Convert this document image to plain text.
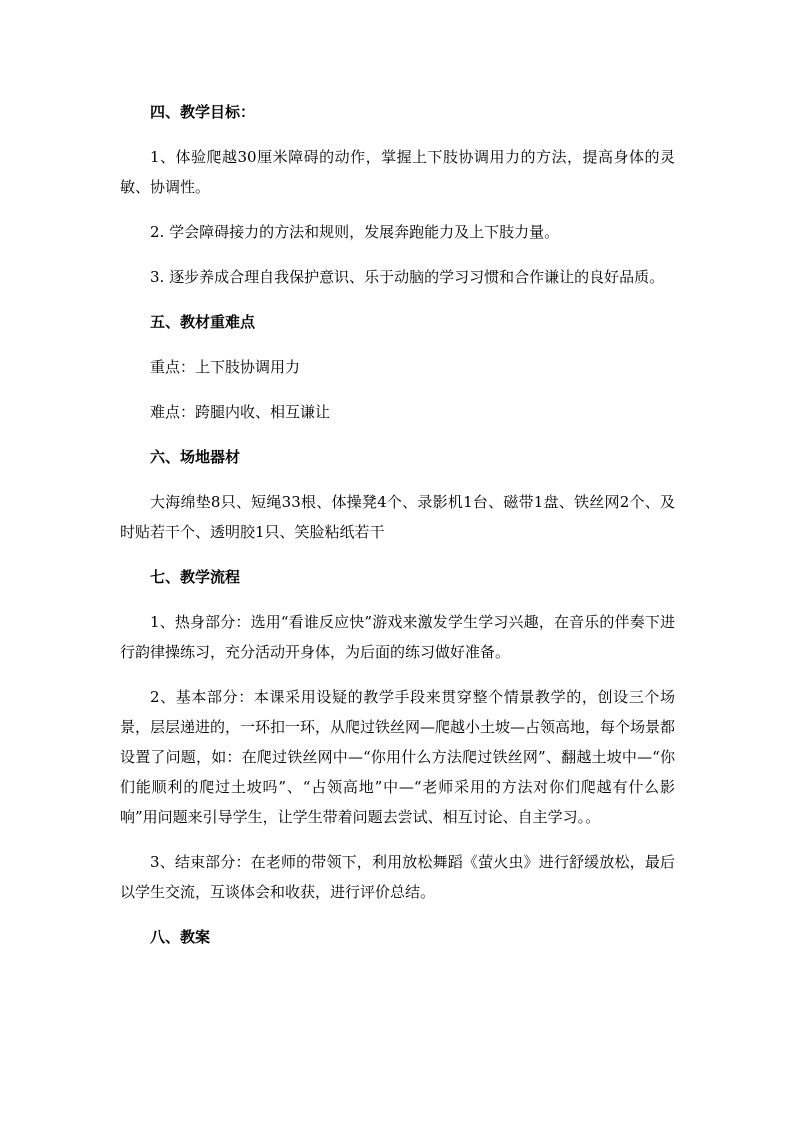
四、教学目标：

1、体验爬越30厘米障碍的动作，掌握上下肢协调用力的方法，提高身体的灵敏、协调性。

2. 学会障碍接力的方法和规则，发展奔跑能力及上下肢力量。

3. 逐步养成合理自我保护意识、乐于动脑的学习习惯和合作谦让的良好品质。

五、教材重难点

重点：上下肢协调用力

难点：跨腿内收、相互谦让

六、场地器材

大海绵垫8只、短绳33根、体操凳4个、录影机1台、磁带1盘、铁丝网2个、及时贴若干个、透明胶1只、笑脸粘纸若干

七、教学流程

1、热身部分：选用“看谁反应快”游戏来激发学生学习兴趣，在音乐的伴奏下进行韵律操练习，充分活动开身体，为后面的练习做好准备。

2、基本部分：本课采用设疑的教学手段来贯穿整个情景教学的，创设三个场景，层层递进的，一环扣一环，从爬过铁丝网—爬越小土坡—占领高地，每个场景都设置了问题，如：在爬过铁丝网中—“你用什么方法爬过铁丝网”、翻越土坡中—“你们能顺利的爬过土坡吗”、“占领高地”中—“老师采用的方法对你们爬越有什么影响”用问题来引导学生，让学生带着问题去尝试、相互讨论、自主学习。。

3、结束部分：在老师的带领下，利用放松舞蹈《萤火虫》进行舒缓放松，最后以学生交流，互谈体会和收获，进行评价总结。

八、教案
